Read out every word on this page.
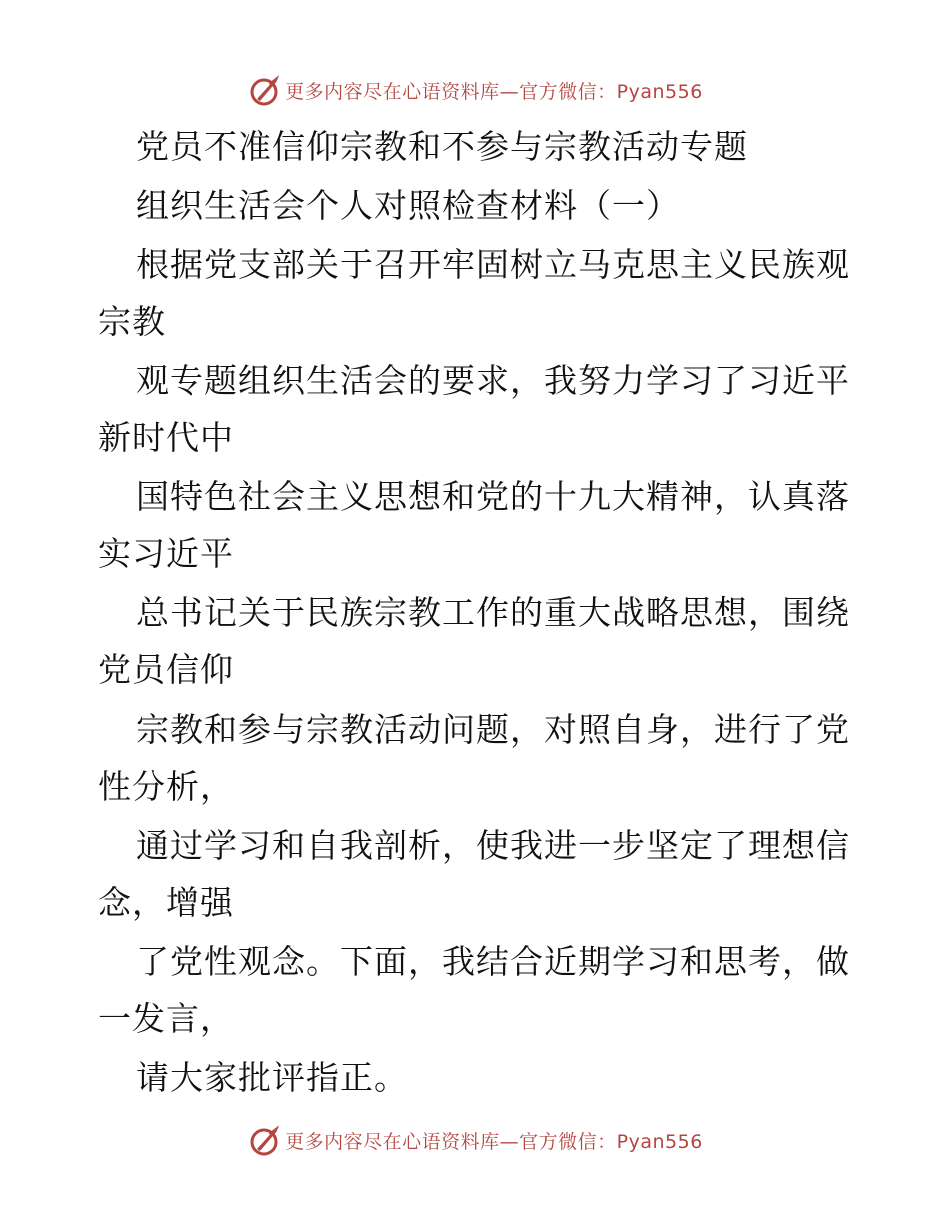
更多内容尽在心语资料库—官方微信：Pyan556
党员不准信仰宗教和不参与宗教活动专题
组织生活会个人对照检查材料（一）
根据党支部关于召开牢固树立马克思主义民族观
宗教
观专题组织生活会的要求，我努力学习了习近平
新时代中
国特色社会主义思想和党的十九大精神，认真落
实习近平
总书记关于民族宗教工作的重大战略思想，围绕
党员信仰
宗教和参与宗教活动问题，对照自身，进行了党
性分析，
通过学习和自我剖析，使我进一步坚定了理想信
念，增强
了党性观念。下面，我结合近期学习和思考，做
一发言，
请大家批评指正。
更多内容尽在心语资料库—官方微信：Pyan556
